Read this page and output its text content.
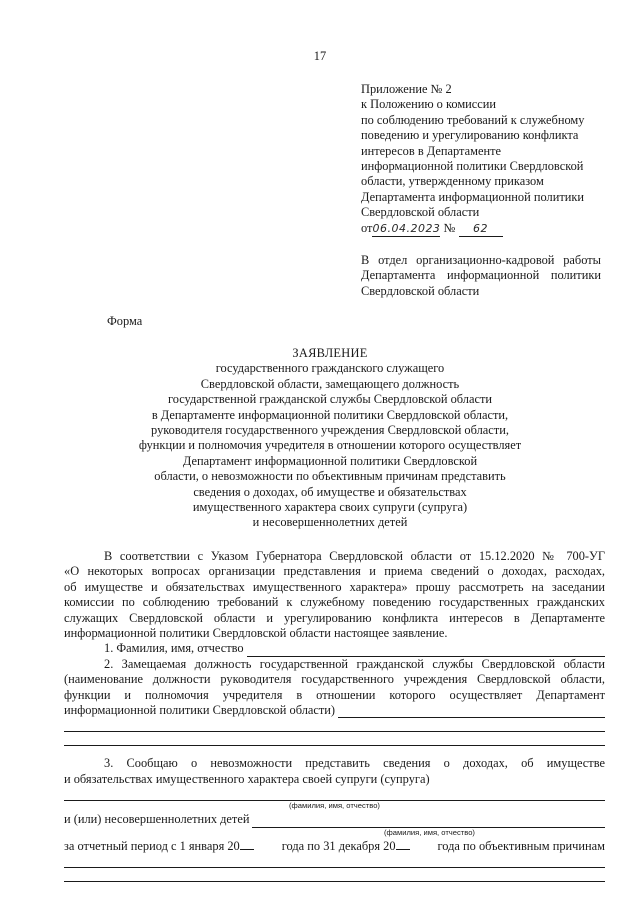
17
Приложение № 2
к Положению о комиссии
по соблюдению требований к служебному
поведению и урегулированию конфликта
интересов в Департаменте
информационной политики Свердловской
области, утвержденному приказом
Департамента информационной политики
Свердловской области
от06.04.2023 № 62
В отдел организационно-кадровой работы
Департамента информационной политики
Свердловской области
Форма
ЗАЯВЛЕНИЕ
государственного гражданского служащего
Свердловской области, замещающего должность
государственной гражданской службы Свердловской области
в Департаменте информационной политики Свердловской области,
руководителя государственного учреждения Свердловской области,
функции и полномочия учредителя в отношении которого осуществляет
Департамент информационной политики Свердловской
области, о невозможности по объективным причинам представить
сведения о доходах, об имуществе и обязательствах
имущественного характера своих супруги (супруга)
и несовершеннолетних детей
В соответствии с Указом Губернатора Свердловской области от 15.12.2020 № 700-УГ
«О некоторых вопросах организации представления и приема сведений о доходах, расходах,
об имуществе и обязательствах имущественного характера» прошу рассмотреть на заседании
комиссии по соблюдению требований к служебному поведению государственных гражданских
служащих Свердловской области и урегулированию конфликта интересов в Департаменте
информационной политики Свердловской области настоящее заявление.
1. Фамилия, имя, отчество
2. Замещаемая должность государственной гражданской службы Свердловской области
(наименование должности руководителя государственного учреждения Свердловской области,
функции и полномочия учредителя в отношении которого осуществляет Департамент
информационной политики Свердловской области)
3. Сообщаю о невозможности представить сведения о доходах, об имуществе
и обязательствах имущественного характера своей супруги (супруга)
(фамилия, имя, отчество)
и (или) несовершеннолетних детей
(фамилия, имя, отчество)
за отчетный период с 1 января 20	года по 31 декабря 20	года по объективным причинам
